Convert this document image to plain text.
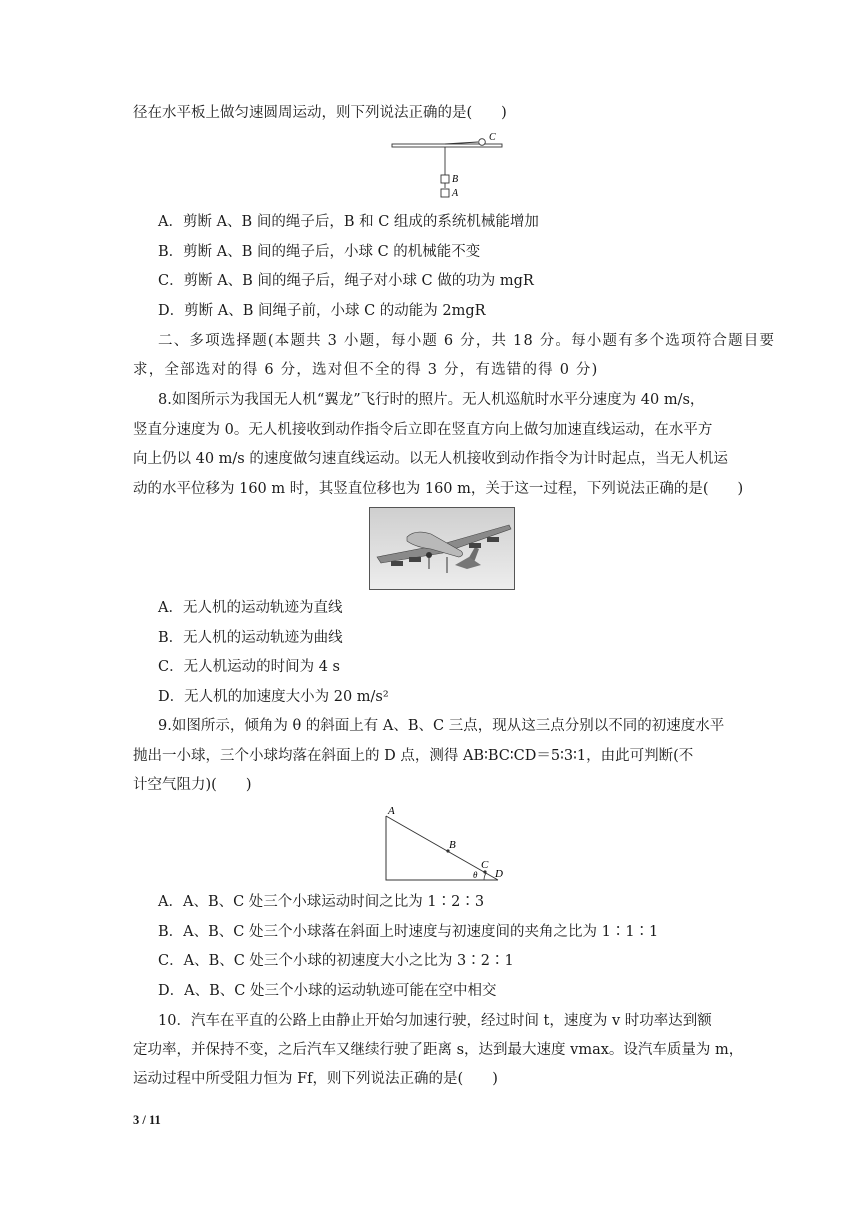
径在水平板上做匀速圆周运动，则下列说法正确的是(　　)
C
B
A
A．剪断 A、B 间的绳子后，B 和 C 组成的系统机械能增加
B．剪断 A、B 间的绳子后，小球 C 的机械能不变
C．剪断 A、B 间的绳子后，绳子对小球 C 做的功为 mgR
D．剪断 A、B 间绳子前，小球 C 的动能为 2mgR
二、多项选择题(本题共 3 小题，每小题 6 分，共 18 分。每小题有多个选项符合题目要
求，全部选对的得 6 分，选对但不全的得 3 分，有选错的得 0 分)
8.如图所示为我国无人机“翼龙”飞行时的照片。无人机巡航时水平分速度为 40 m/s，
竖直分速度为 0。无人机接收到动作指令后立即在竖直方向上做匀加速直线运动，在水平方
向上仍以 40 m/s 的速度做匀速直线运动。以无人机接收到动作指令为计时起点，当无人机运
动的水平位移为 160 m 时，其竖直位移也为 160 m，关于这一过程，下列说法正确的是(　　)
A．无人机的运动轨迹为直线
B．无人机的运动轨迹为曲线
C．无人机运动的时间为 4 s
D．无人机的加速度大小为 20 m/s²
9.如图所示，倾角为 θ 的斜面上有 A、B、C 三点，现从这三点分别以不同的初速度水平
抛出一小球，三个小球均落在斜面上的 D 点，测得 AB∶BC∶CD＝5∶3∶1，由此可判断(不
计空气阻力)(　　)
A
B
C
D
θ
A．A、B、C 处三个小球运动时间之比为 1∶2∶3
B．A、B、C 处三个小球落在斜面上时速度与初速度间的夹角之比为 1∶1∶1
C．A、B、C 处三个小球的初速度大小之比为 3∶2∶1
D．A、B、C 处三个小球的运动轨迹可能在空中相交
10．汽车在平直的公路上由静止开始匀加速行驶，经过时间 t，速度为 v 时功率达到额
定功率，并保持不变，之后汽车又继续行驶了距离 s，达到最大速度 vmax。设汽车质量为 m，
运动过程中所受阻力恒为 Ff，则下列说法正确的是(　　)
3 / 11
